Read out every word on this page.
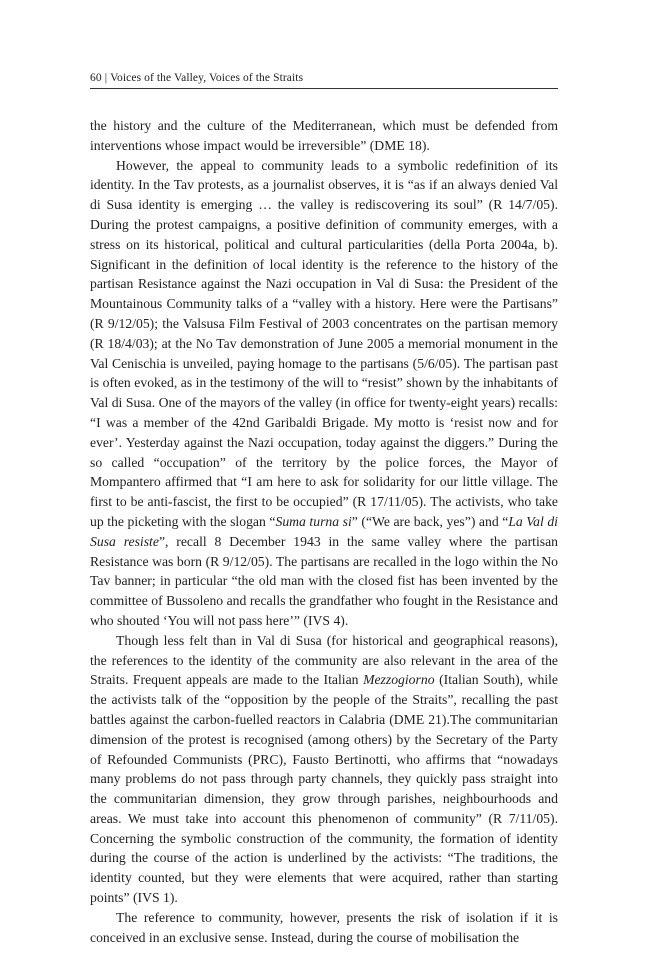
60 | Voices of the Valley, Voices of the Straits

the history and the culture of the Mediterranean, which must be defended from interventions whose impact would be irreversible” (DME 18).

However, the appeal to community leads to a symbolic redefinition of its identity. In the Tav protests, as a journalist observes, it is “as if an always denied Val di Susa identity is emerging … the valley is rediscovering its soul” (R 14/7/05). During the protest campaigns, a positive definition of community emerges, with a stress on its historical, political and cultural particularities (della Porta 2004a, b). Significant in the definition of local identity is the reference to the history of the partisan Resistance against the Nazi occupation in Val di Susa: the President of the Mountainous Community talks of a “valley with a history. Here were the Partisans” (R 9/12/05); the Valsusa Film Festival of 2003 concentrates on the partisan memory (R 18/4/03); at the No Tav demonstration of June 2005 a memorial monument in the Val Cenischia is unveiled, paying homage to the partisans (5/6/05). The partisan past is often evoked, as in the testimony of the will to “resist” shown by the inhabitants of Val di Susa. One of the mayors of the valley (in office for twenty-eight years) recalls: “I was a member of the 42nd Garibaldi Brigade. My motto is ‘resist now and for ever’. Yesterday against the Nazi occupation, today against the diggers.” During the so called “occupation” of the territory by the police forces, the Mayor of Mompantero affirmed that “I am here to ask for solidarity for our little village. The first to be anti-fascist, the first to be occupied” (R 17/11/05). The activists, who take up the picketing with the slogan “Suma turna si” (“We are back, yes”) and “La Val di Susa resiste”, recall 8 December 1943 in the same valley where the partisan Resistance was born (R 9/12/05). The partisans are recalled in the logo within the No Tav banner; in particular “the old man with the closed fist has been invented by the committee of Bussoleno and recalls the grandfather who fought in the Resistance and who shouted ‘You will not pass here’” (IVS 4).

Though less felt than in Val di Susa (for historical and geographical reasons), the references to the identity of the community are also relevant in the area of the Straits. Frequent appeals are made to the Italian Mezzogiorno (Italian South), while the activists talk of the “opposition by the people of the Straits”, recalling the past battles against the carbon-fuelled reactors in Calabria (DME 21).The communitarian dimension of the protest is recognised (among others) by the Secretary of the Party of Refounded Communists (PRC), Fausto Bertinotti, who affirms that “nowadays many problems do not pass through party channels, they quickly pass straight into the communitarian dimension, they grow through parishes, neighbourhoods and areas. We must take into account this phenomenon of community” (R 7/11/05). Concerning the symbolic construction of the community, the formation of identity during the course of the action is underlined by the activists: “The traditions, the identity counted, but they were elements that were acquired, rather than starting points” (IVS 1).

The reference to community, however, presents the risk of isolation if it is conceived in an exclusive sense. Instead, during the course of mobilisation the
